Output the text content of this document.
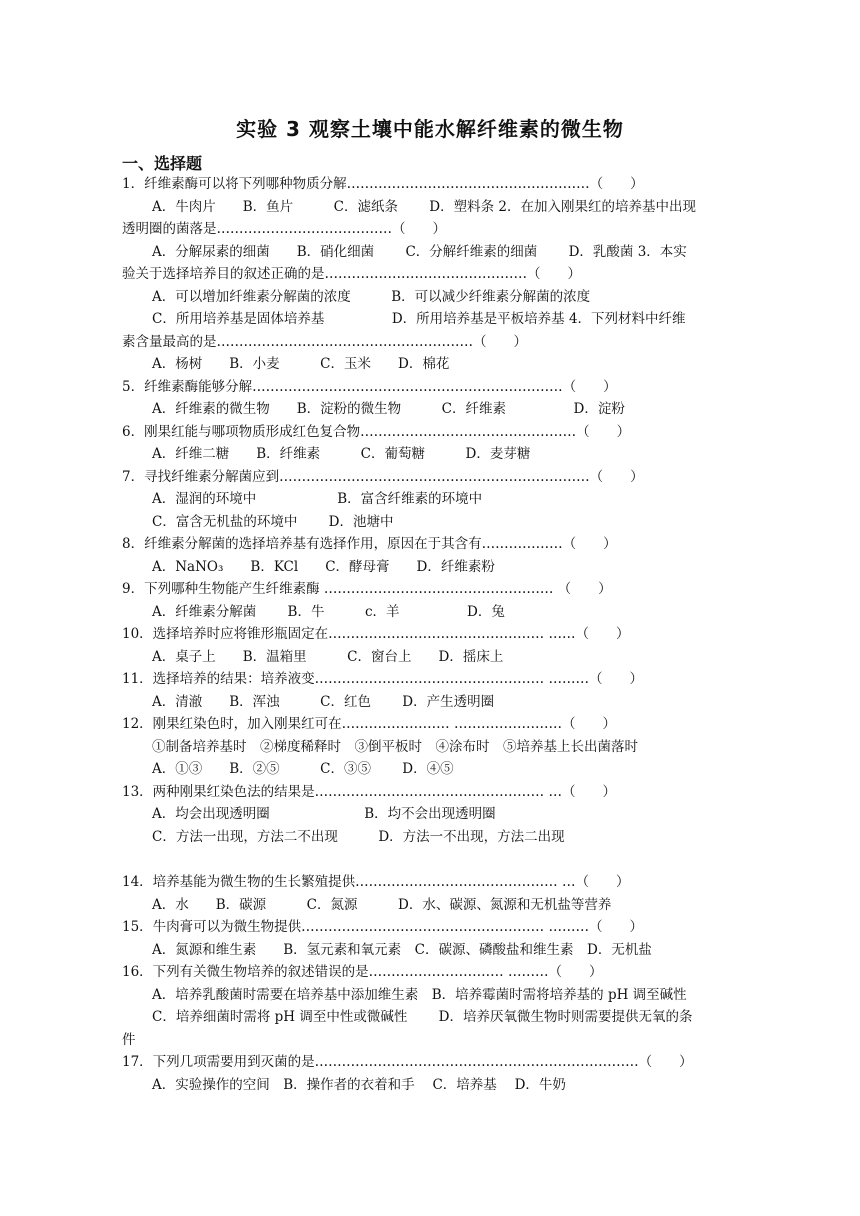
实验 3 观察土壤中能水解纤维素的微生物
一、选择题
1．纤维素酶可以将下列哪种物质分解………………………………………………（　　）
A．牛肉片　　B．鱼片　　　C．滤纸条　　 D．塑料条 2．在加入刚果红的培养基中出现
透明圈的菌落是…………………………………（　　）
A．分解尿素的细菌　　B．硝化细菌　　 C．分解纤维素的细菌　　 D．乳酸菌 3．本实
验关于选择培养目的叙述正确的是………………………………………（　　）
A．可以增加纤维素分解菌的浓度　　　B．可以减少纤维素分解菌的浓度
C．所用培养基是固体培养基　　　　　D．所用培养基是平板培养基 4．下列材料中纤维
素含量最高的是…………………………………………………（　　）
A．杨树　　B．小麦　　　C．玉米　　D．棉花
5．纤维素酶能够分解……………………………………………………………（　　）
A．纤维素的微生物　　B．淀粉的微生物　　　C．纤维素　　　　　D．淀粉
6．刚果红能与哪项物质形成红色复合物…………………………………………（　　）
A．纤维二糖　　B．纤维素　　　C．葡萄糖　　　D．麦芽糖
7．寻找纤维素分解菌应到……………………………………………………………（　　）
A．湿润的环境中　　　　　　B．富含纤维素的环境中
C．富含无机盐的环境中　　 D．池塘中
8．纤维素分解菌的选择培养基有选择作用，原因在于其含有………………（　　）
A．NaNO₃　　B．KCl　　C．酵母膏　　D．纤维素粉
9．下列哪种生物能产生纤维素酶 …………………………………………… （　　）
A．纤维素分解菌　　 B．牛　　　c．羊　　　　　D．兔
10．选择培养时应将锥形瓶固定在………………………………………… ……（　　）
A．桌子上　　B．温箱里　　　C．窗台上　　D．摇床上
11．选择培养的结果：培养液变…………………………………………… ………（　　）
A．清澈　　B．浑浊　　　C．红色　　 D．产生透明圈
12．刚果红染色时，加入刚果红可在…………………… ……………………（　　）
①制备培养基时　②梯度稀释时　③倒平板时　④涂布时　⑤培养基上长出菌落时
A．①③　　B．②⑤　　　C．③⑤　　 D．④⑤
13．两种刚果红染色法的结果是…………………………………………… …（　　）
A．均会出现透明圈　　　　　　　B．均不会出现透明圈
C．方法一出现，方法二不出现　　　D．方法一不出现，方法二出现
14．培养基能为微生物的生长繁殖提供……………………………………… …（　　）
A．水　　B．碳源　　　C．氮源　　　D．水、碳源、氮源和无机盐等营养
15．牛肉膏可以为微生物提供……………………………………………… ………（　　）
A．氮源和维生素　　B．氢元素和氧元素　C．碳源、磷酸盐和维生素　D．无机盐
16．下列有关微生物培养的叙述错误的是………………………… ………（　　）
A．培养乳酸菌时需要在培养基中添加维生素　B．培养霉菌时需将培养基的 pH 调至碱性
C．培养细菌时需将 pH 调至中性或微碱性　　 D．培养厌氧微生物时则需要提供无氧的条
件
17．下列几项需要用到灭菌的是………………………………………………………………（　　）
A．实验操作的空间　B．操作者的衣着和手　 C．培养基　 D．牛奶
